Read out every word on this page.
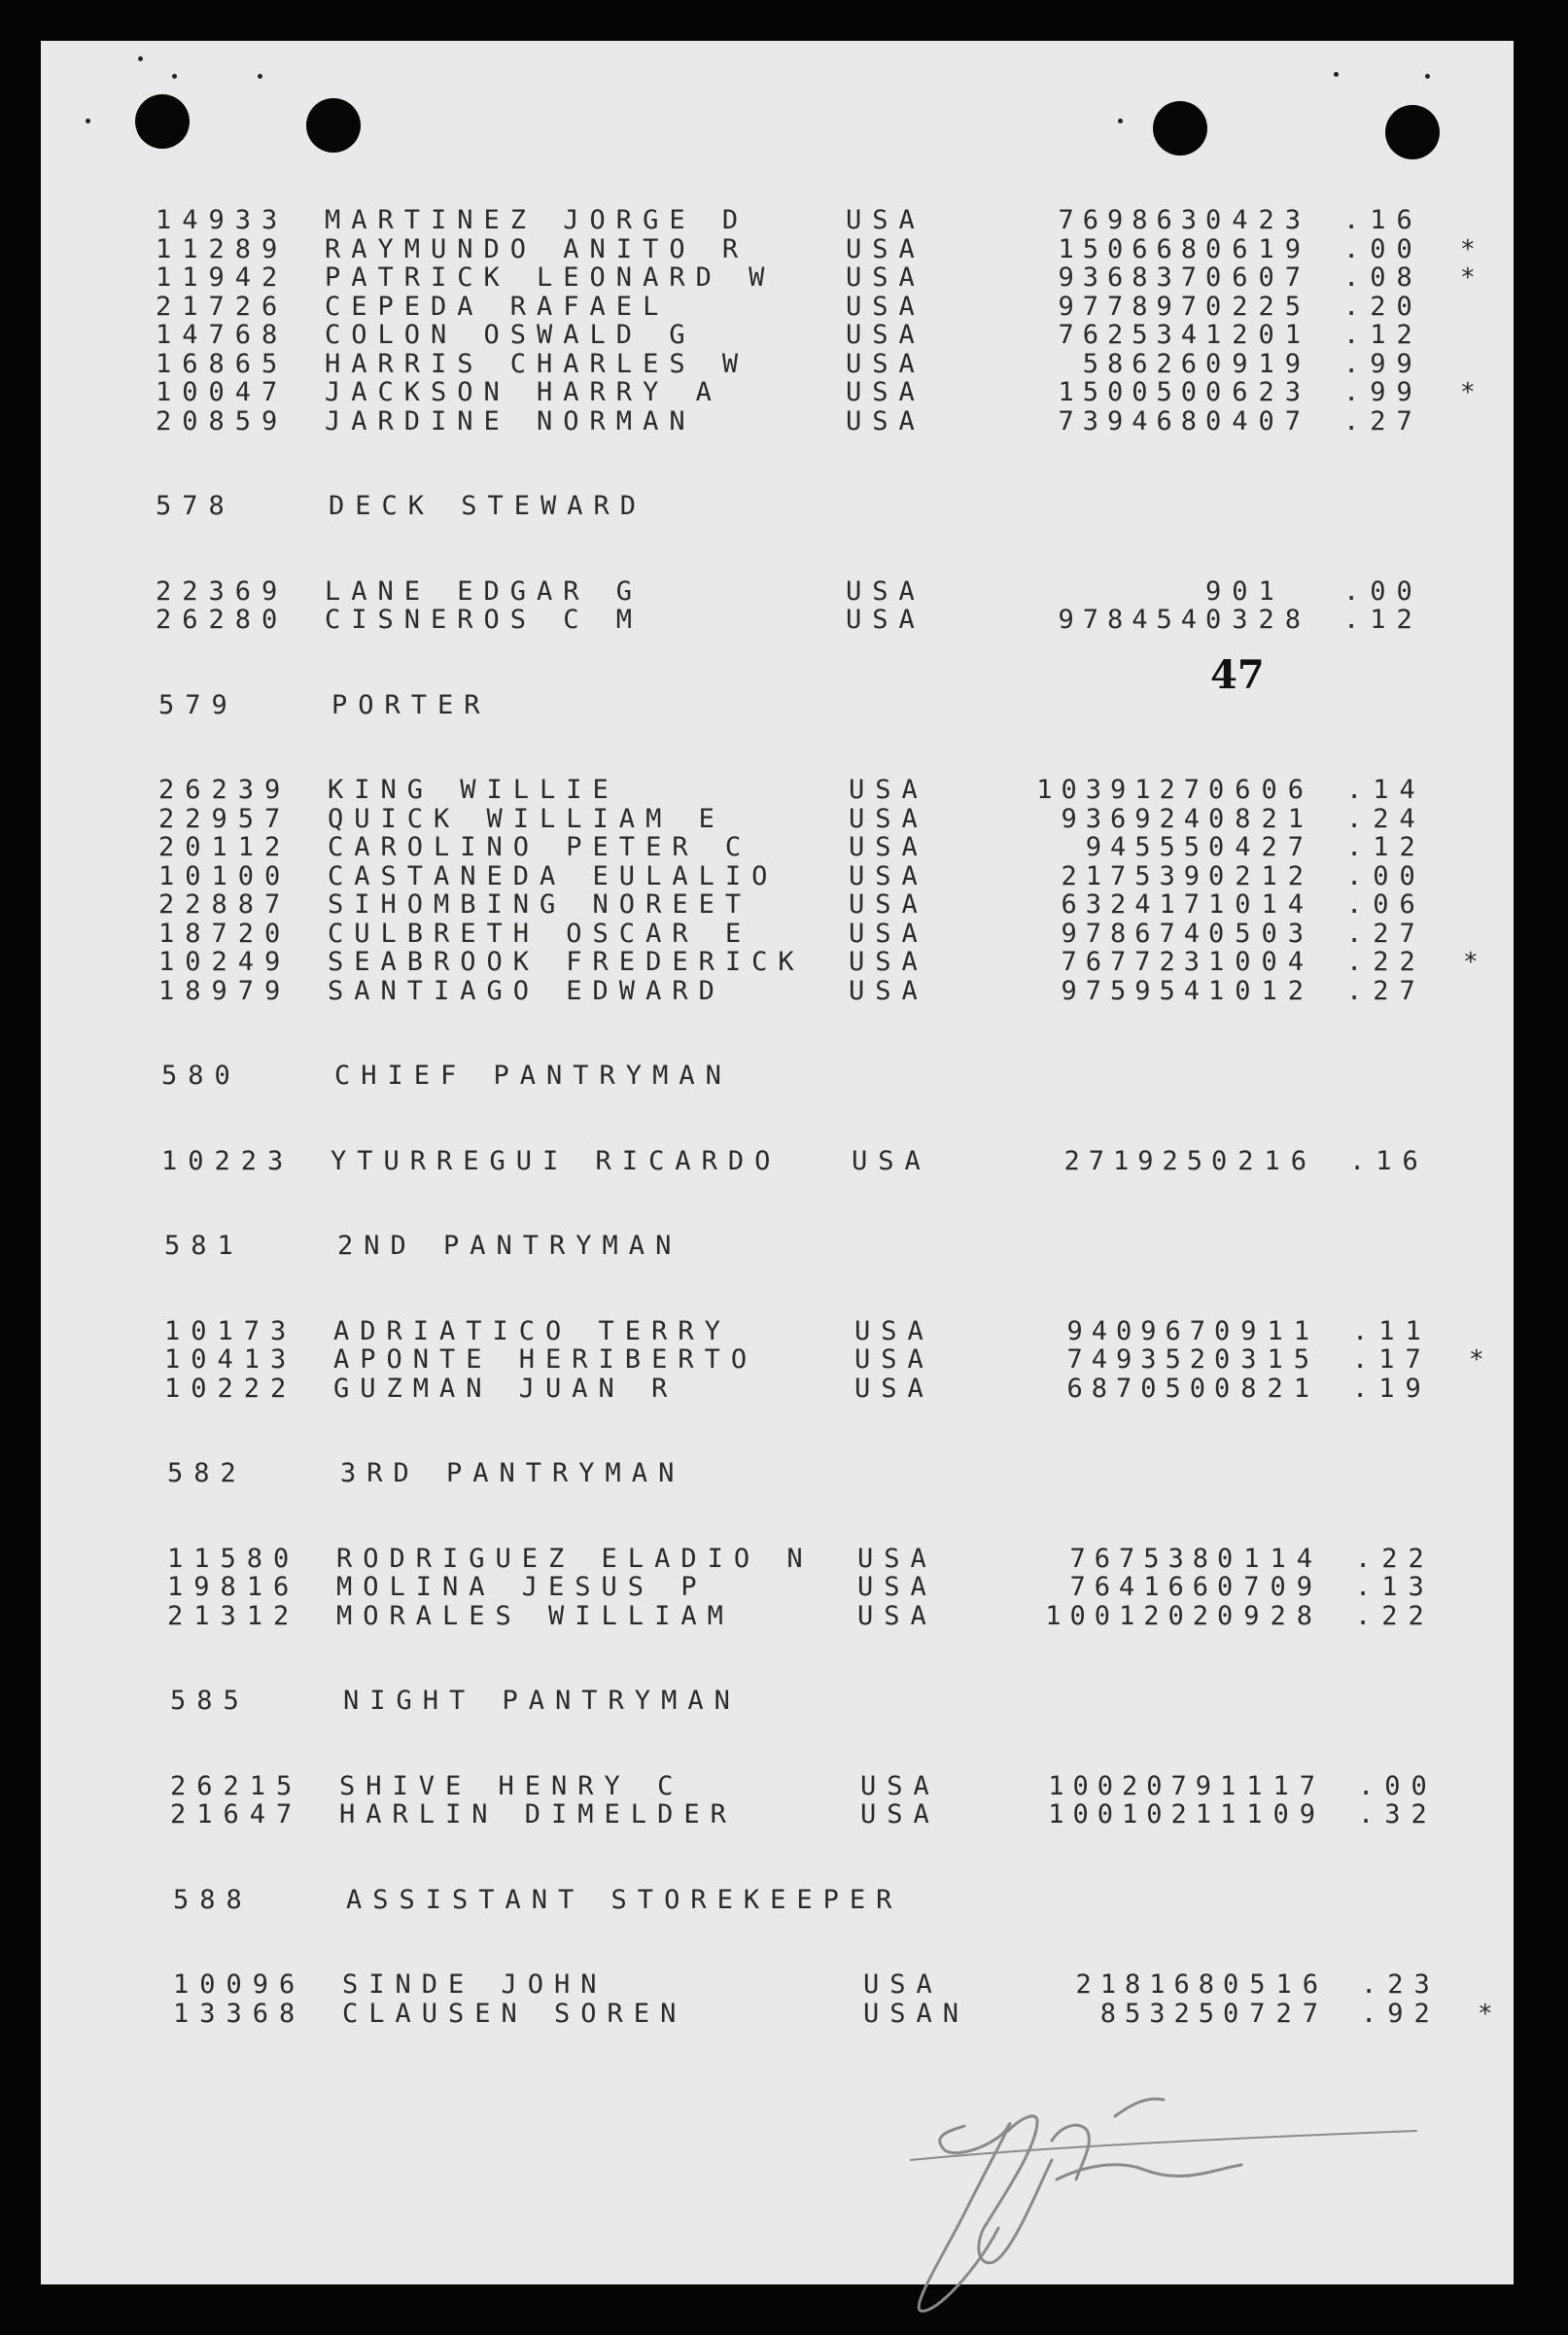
14933 MARTINEZ JORGE D	USA	769863 0423 .16
11289 RAYMUNDO ANITO R	USA	150668 0619 .00 *
11942 PATRICK LEONARD W	USA	936837 0607 .08 *
21726 CEPEDA RAFAEL	USA	977897 0225 .20
14768 COLON OSWALD G	USA	762534 1201 .12
16865 HARRIS CHARLES W	USA	58626 0919 .99
10047 JACKSON HARRY A	USA	150050 0623 .99 *
20859 JARDINE NORMAN	USA	739468 0407 .27
578	DECK STEWARD
22369 LANE EDGAR G	USA	901 .00
26280 CISNEROS C M	USA	978454 0328 .12
579	PORTER
26239 KING WILLIE	USA	1039127 0606 .14
22957 QUICK WILLIAM E	USA	936924 0821 .24
20112 CAROLINO PETER C	USA	94555 0427 .12
10100 CASTANEDA EULALIO	USA	217539 0212 .00
22887 SIHOMBING NOREET	USA	632417 1014 .06
18720 CULBRETH OSCAR E	USA	978674 0503 .27
10249 SEABROOK FREDERICK USA	767723 1004 .22 *
18979 SANTIAGO EDWARD	USA	975954 1012 .27
580	CHIEF PANTRYMAN
10223 YTURREGUI RICARDO	USA	271925 0216 .16
581	2ND PANTRYMAN
10173 ADRIATICO TERRY	USA	940967 0911 .11
10413 APONTE HERIBERTO	USA	749352 0315 .17 *
10222 GUZMAN JUAN R	USA	687050 0821 .19
582	3RD PANTRYMAN
11580 RODRIGUEZ ELADIO N USA	767538 0114 .22
19816 MOLINA JESUS P	USA	764166 0709 .13
21312 MORALES WILLIAM	USA	1001202 0928 .22
585	NIGHT PANTRYMAN
26215 SHIVE HENRY C	USA	1002079 1117 .00
21647 HARLIN DIMELDER	USA	1001021 1109 .32
588	ASSISTANT STOREKEEPER
10096 SINDE JOHN	USA	218168 0516 .23
13368 CLAUSEN SOREN	USAN	85325 0727 .92 *
47
